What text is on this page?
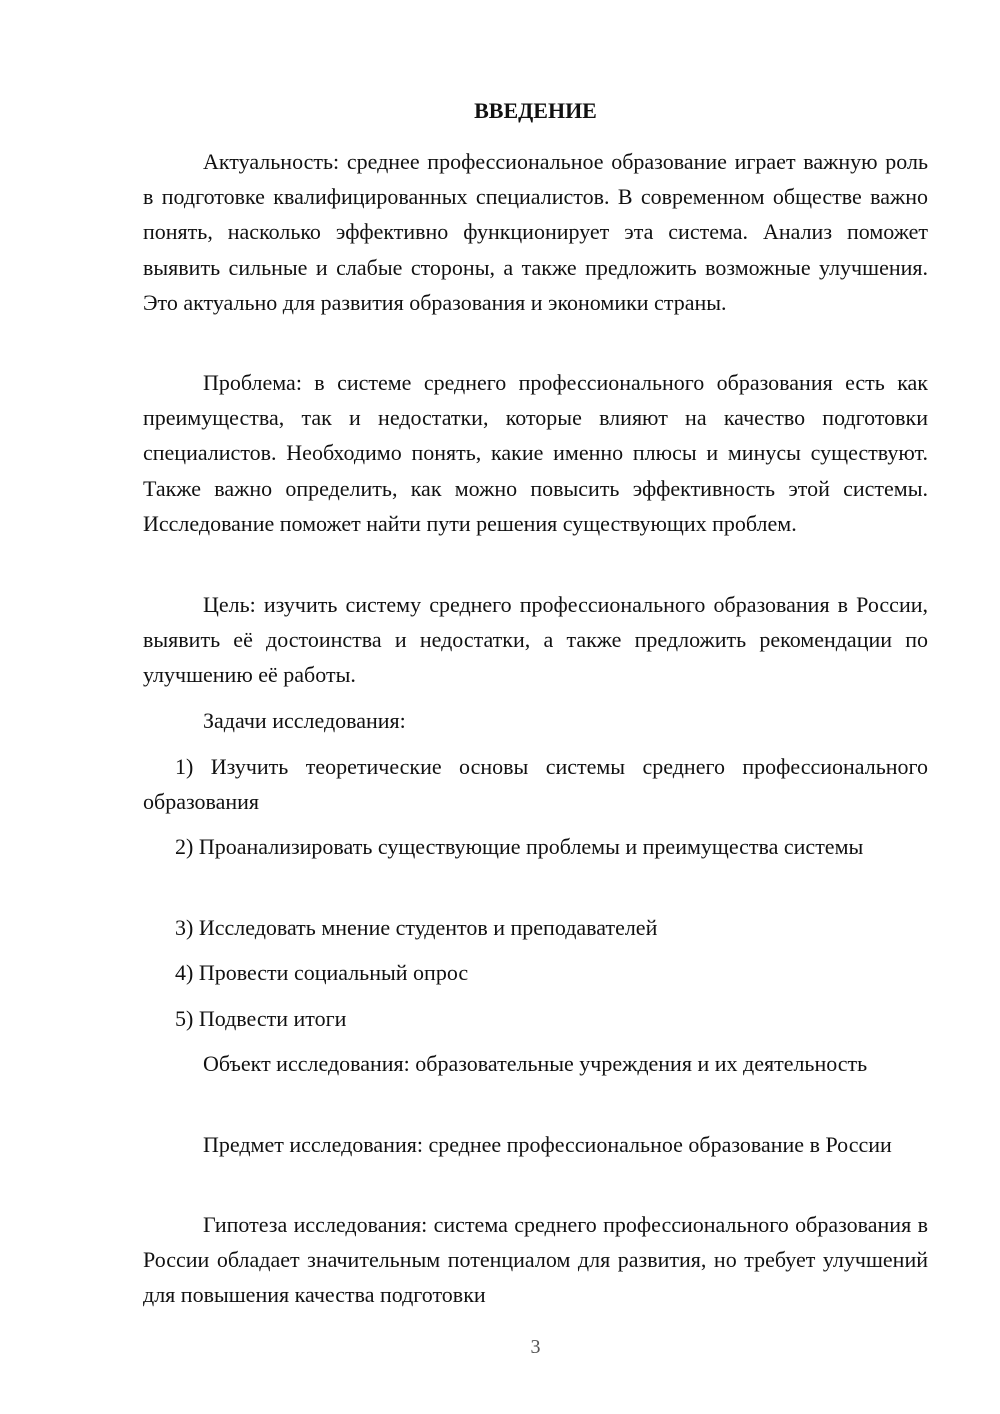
ВВЕДЕНИЕ

Актуальность: среднее профессиональное образование играет важную роль в подготовке квалифицированных специалистов. В современном обществе важно понять, насколько эффективно функционирует эта система. Анализ поможет выявить сильные и слабые стороны, а также предложить возможные улучшения. Это актуально для развития образования и экономики страны.

Проблема: в системе среднего профессионального образования есть как преимущества, так и недостатки, которые влияют на качество подготовки специалистов. Необходимо понять, какие именно плюсы и минусы существуют. Также важно определить, как можно повысить эффективность этой системы. Исследование поможет найти пути решения существующих проблем.

Цель: изучить систему среднего профессионального образования в России, выявить её достоинства и недостатки, а также предложить рекомендации по улучшению её работы.

Задачи исследования:

1) Изучить теоретические основы системы среднего профессионального образования

2) Проанализировать существующие проблемы и преимущества системы

3) Исследовать мнение студентов и преподавателей

4) Провести социальный опрос

5) Подвести итоги

Объект исследования: образовательные учреждения и их деятельность

Предмет исследования: среднее профессиональное образование в России

Гипотеза исследования: система среднего профессионального образования в России обладает значительным потенциалом для развития, но требует улучшений для повышения качества подготовки

3
